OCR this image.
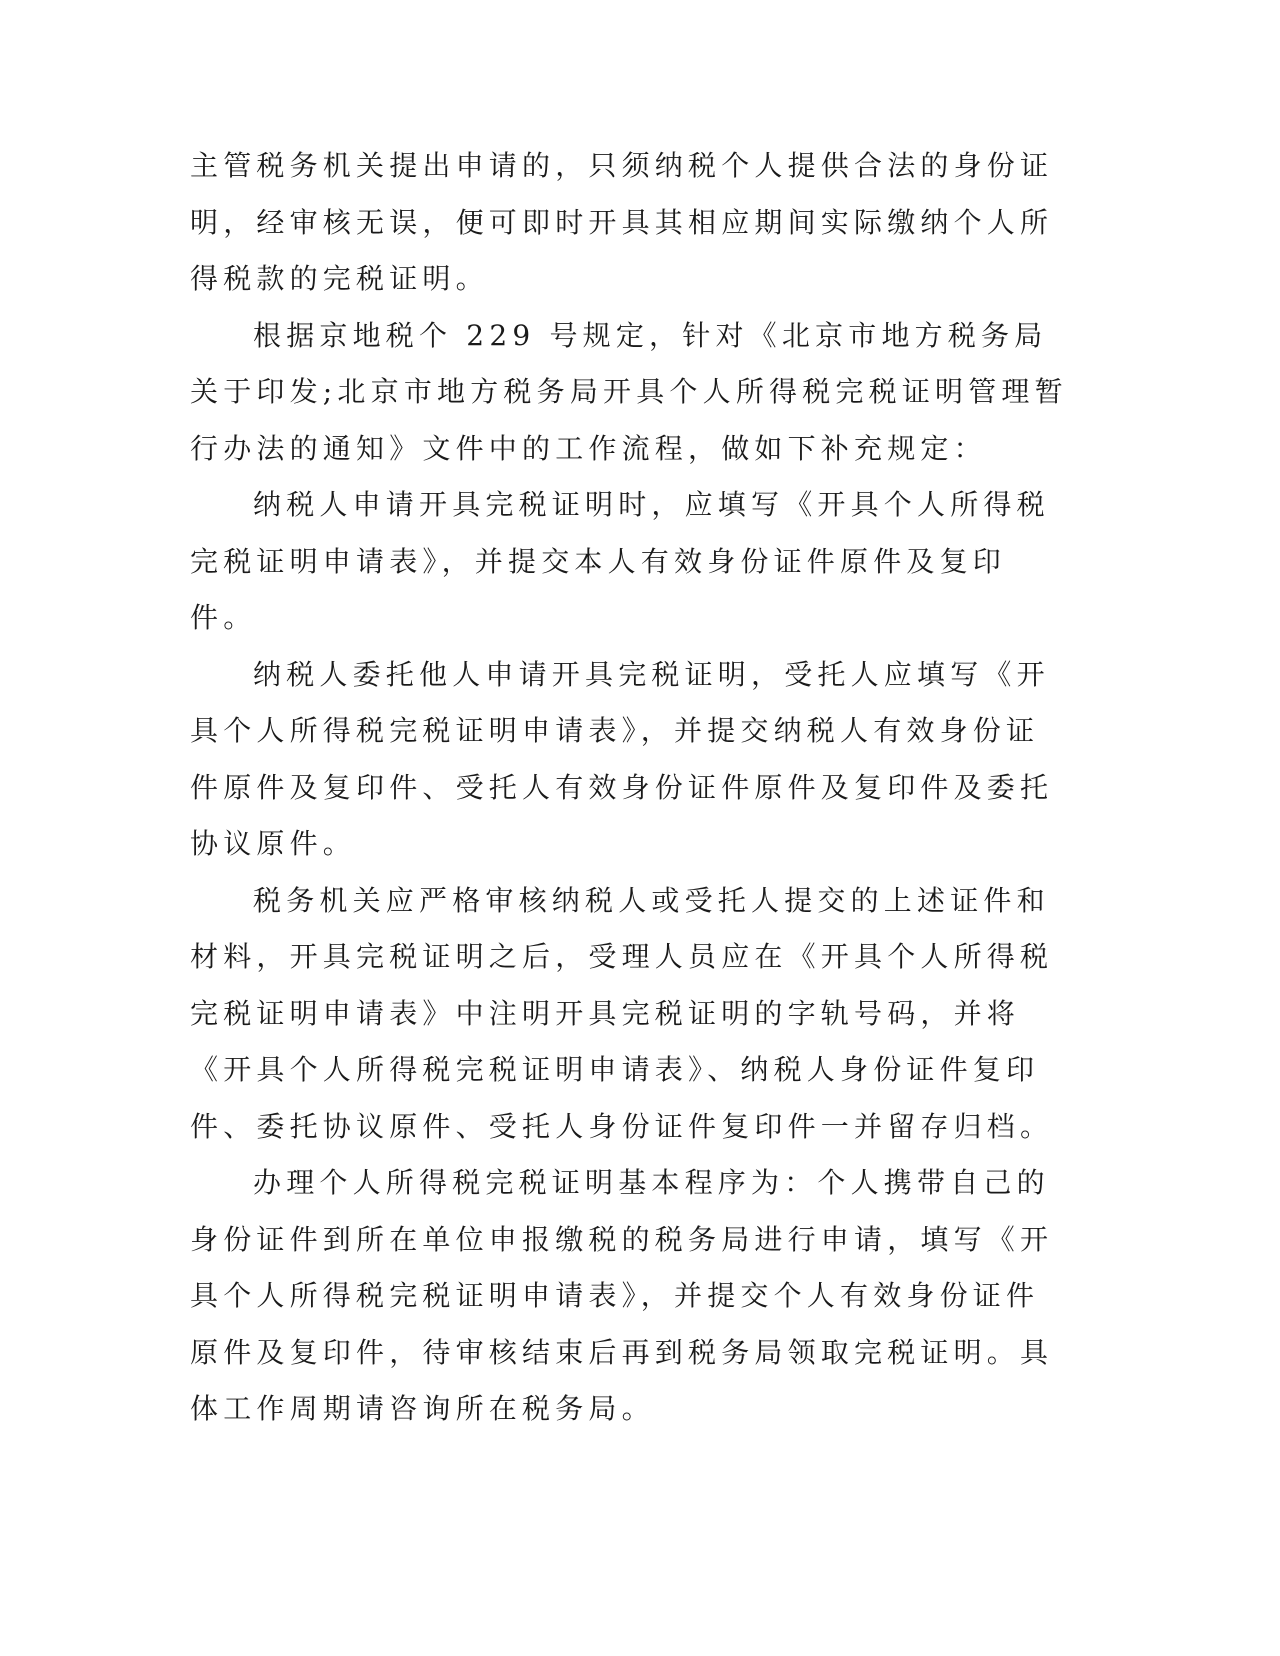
主管税务机关提出申请的，只须纳税个人提供合法的身份证明，经审核无误，便可即时开具其相应期间实际缴纳个人所得税款的完税证明。

根据京地税个 229 号规定，针对《北京市地方税务局关于印发;北京市地方税务局开具个人所得税完税证明管理暂行办法的通知》文件中的工作流程，做如下补充规定：

纳税人申请开具完税证明时，应填写《开具个人所得税完税证明申请表》，并提交本人有效身份证件原件及复印件。

纳税人委托他人申请开具完税证明，受托人应填写《开具个人所得税完税证明申请表》，并提交纳税人有效身份证件原件及复印件、受托人有效身份证件原件及复印件及委托协议原件。

税务机关应严格审核纳税人或受托人提交的上述证件和材料，开具完税证明之后，受理人员应在《开具个人所得税完税证明申请表》中注明开具完税证明的字轨号码，并将《开具个人所得税完税证明申请表》、纳税人身份证件复印件、委托协议原件、受托人身份证件复印件一并留存归档。

办理个人所得税完税证明基本程序为：个人携带自己的身份证件到所在单位申报缴税的税务局进行申请，填写《开具个人所得税完税证明申请表》，并提交个人有效身份证件原件及复印件，待审核结束后再到税务局领取完税证明。具体工作周期请咨询所在税务局。
